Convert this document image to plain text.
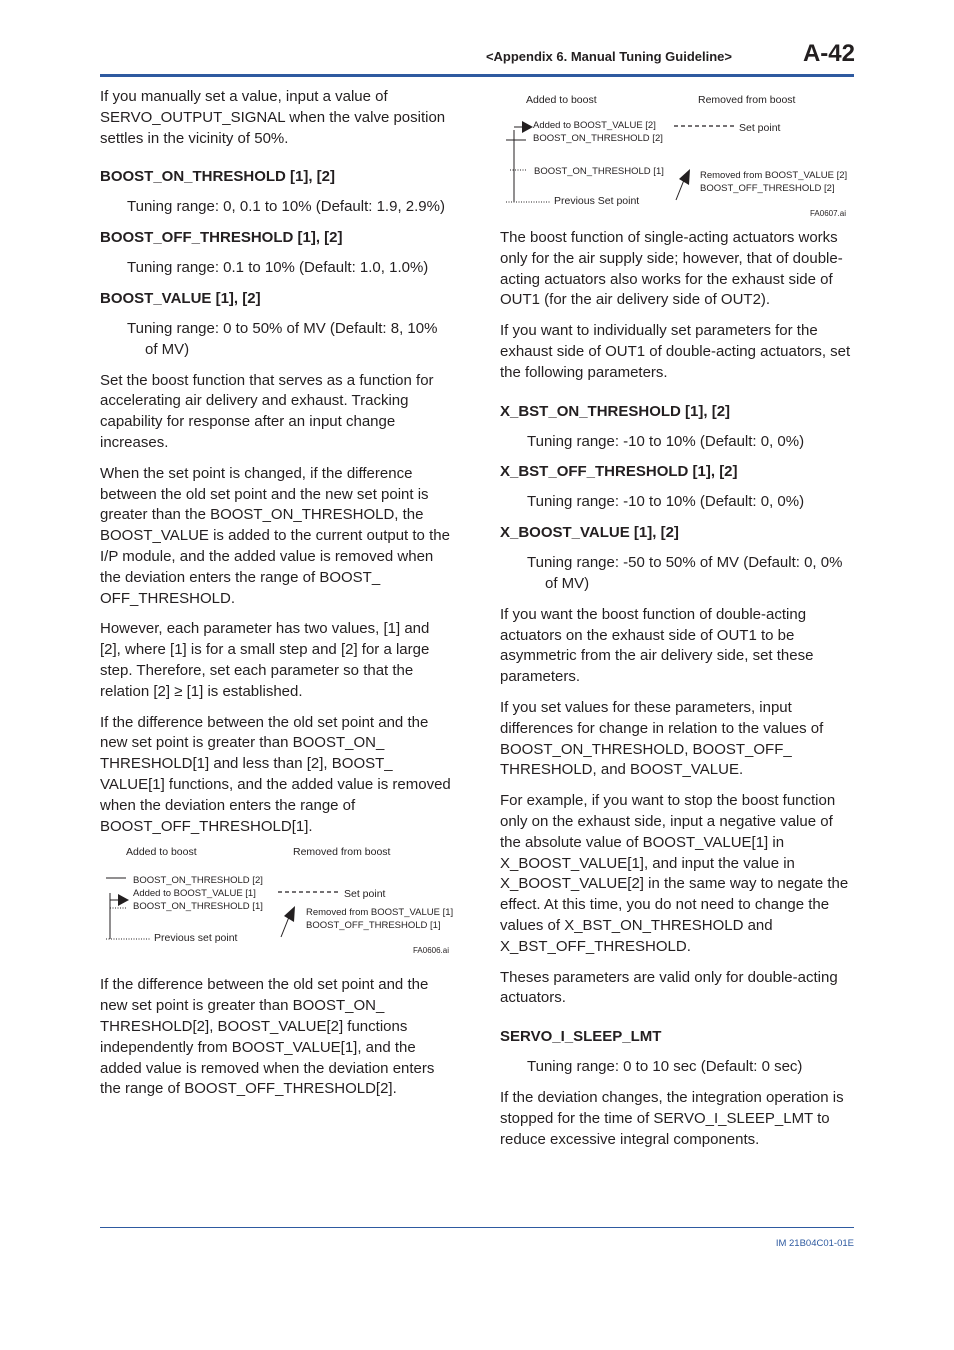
<Appendix 6. Manual Tuning Guideline>	A-42

If you manually set a value, input a value of SERVO_OUTPUT_SIGNAL when the valve position settles in the vicinity of 50%.

BOOST_ON_THRESHOLD [1], [2]

Tuning range: 0, 0.1 to 10% (Default: 1.9, 2.9%)

BOOST_OFF_THRESHOLD [1], [2]

Tuning range: 0.1 to 10% (Default: 1.0, 1.0%)

BOOST_VALUE [1], [2]

Tuning range: 0 to 50% of MV (Default: 8, 10% of MV)

Set the boost function that serves as a function for accelerating air delivery and exhaust. Tracking capability for response after an input change increases.

When the set point is changed, if the difference between the old set point and the new set point is greater than the BOOST_ON_THRESHOLD, the BOOST_VALUE is added to the current output to the I/P module, and the added value is removed when the deviation enters the range of BOOST_ OFF_THRESHOLD.

However, each parameter has two values, [1] and [2], where [1] is for a small step and [2] for a large step. Therefore, set each parameter so that the relation [2] ≥ [1] is established.

If the difference between the old set point and the new set point is greater than BOOST_ON_ THRESHOLD[1] and less than [2], BOOST_ VALUE[1] functions, and the added value is removed when the deviation enters the range of BOOST_OFF_THRESHOLD[1].

If the difference between the old set point and the new set point is greater than BOOST_ON_ THRESHOLD[2], BOOST_VALUE[2] functions independently from BOOST_VALUE[1], and the added value is removed when the deviation enters the range of BOOST_OFF_THRESHOLD[2].

Added to boost	Removed from boost
BOOST_ON_THRESHOLD [2]
Added to BOOST_VALUE [1]
BOOST_ON_THRESHOLD [1]
Previous set point
Set point
Removed from BOOST_VALUE [1]
BOOST_OFF_THRESHOLD [1]
FA0606.ai
Added to boost	Removed from boost
Added to BOOST_VALUE [2]
BOOST_ON_THRESHOLD [2]
BOOST_ON_THRESHOLD [1]
Previous Set point
Set point
Removed from BOOST_VALUE [2]
BOOST_OFF_THRESHOLD [2]
FA0607.ai

The boost function of single-acting actuators works only for the air supply side; however, that of double-acting actuators also works for the exhaust side of OUT1 (for the air delivery side of OUT2).

If you want to individually set parameters for the exhaust side of OUT1 of double-acting actuators, set the following parameters.

X_BST_ON_THRESHOLD [1], [2]

Tuning range: -10 to 10% (Default: 0, 0%)

X_BST_OFF_THRESHOLD [1], [2]

Tuning range: -10 to 10% (Default: 0, 0%)

X_BOOST_VALUE [1], [2]

Tuning range: -50 to 50% of MV (Default: 0, 0% of MV)

If you want the boost function of double-acting actuators on the exhaust side of OUT1 to be asymmetric from the air delivery side, set these parameters.

If you set values for these parameters, input differences for change in relation to the values of BOOST_ON_THRESHOLD, BOOST_OFF_ THRESHOLD, and BOOST_VALUE.

For example, if you want to stop the boost function only on the exhaust side, input a negative value of the absolute value of BOOST_VALUE[1] in X_BOOST_VALUE[1], and input the value in X_BOOST_VALUE[2] in the same way to negate the effect. At this time, you do not need to change the values of X_BST_ON_THRESHOLD and X_BST_OFF_THRESHOLD.

Theses parameters are valid only for double-acting actuators.

SERVO_I_SLEEP_LMT

Tuning range: 0 to 10 sec (Default: 0 sec)

If the deviation changes, the integration operation is stopped for the time of SERVO_I_SLEEP_LMT to reduce excessive integral components.

IM 21B04C01-01E
